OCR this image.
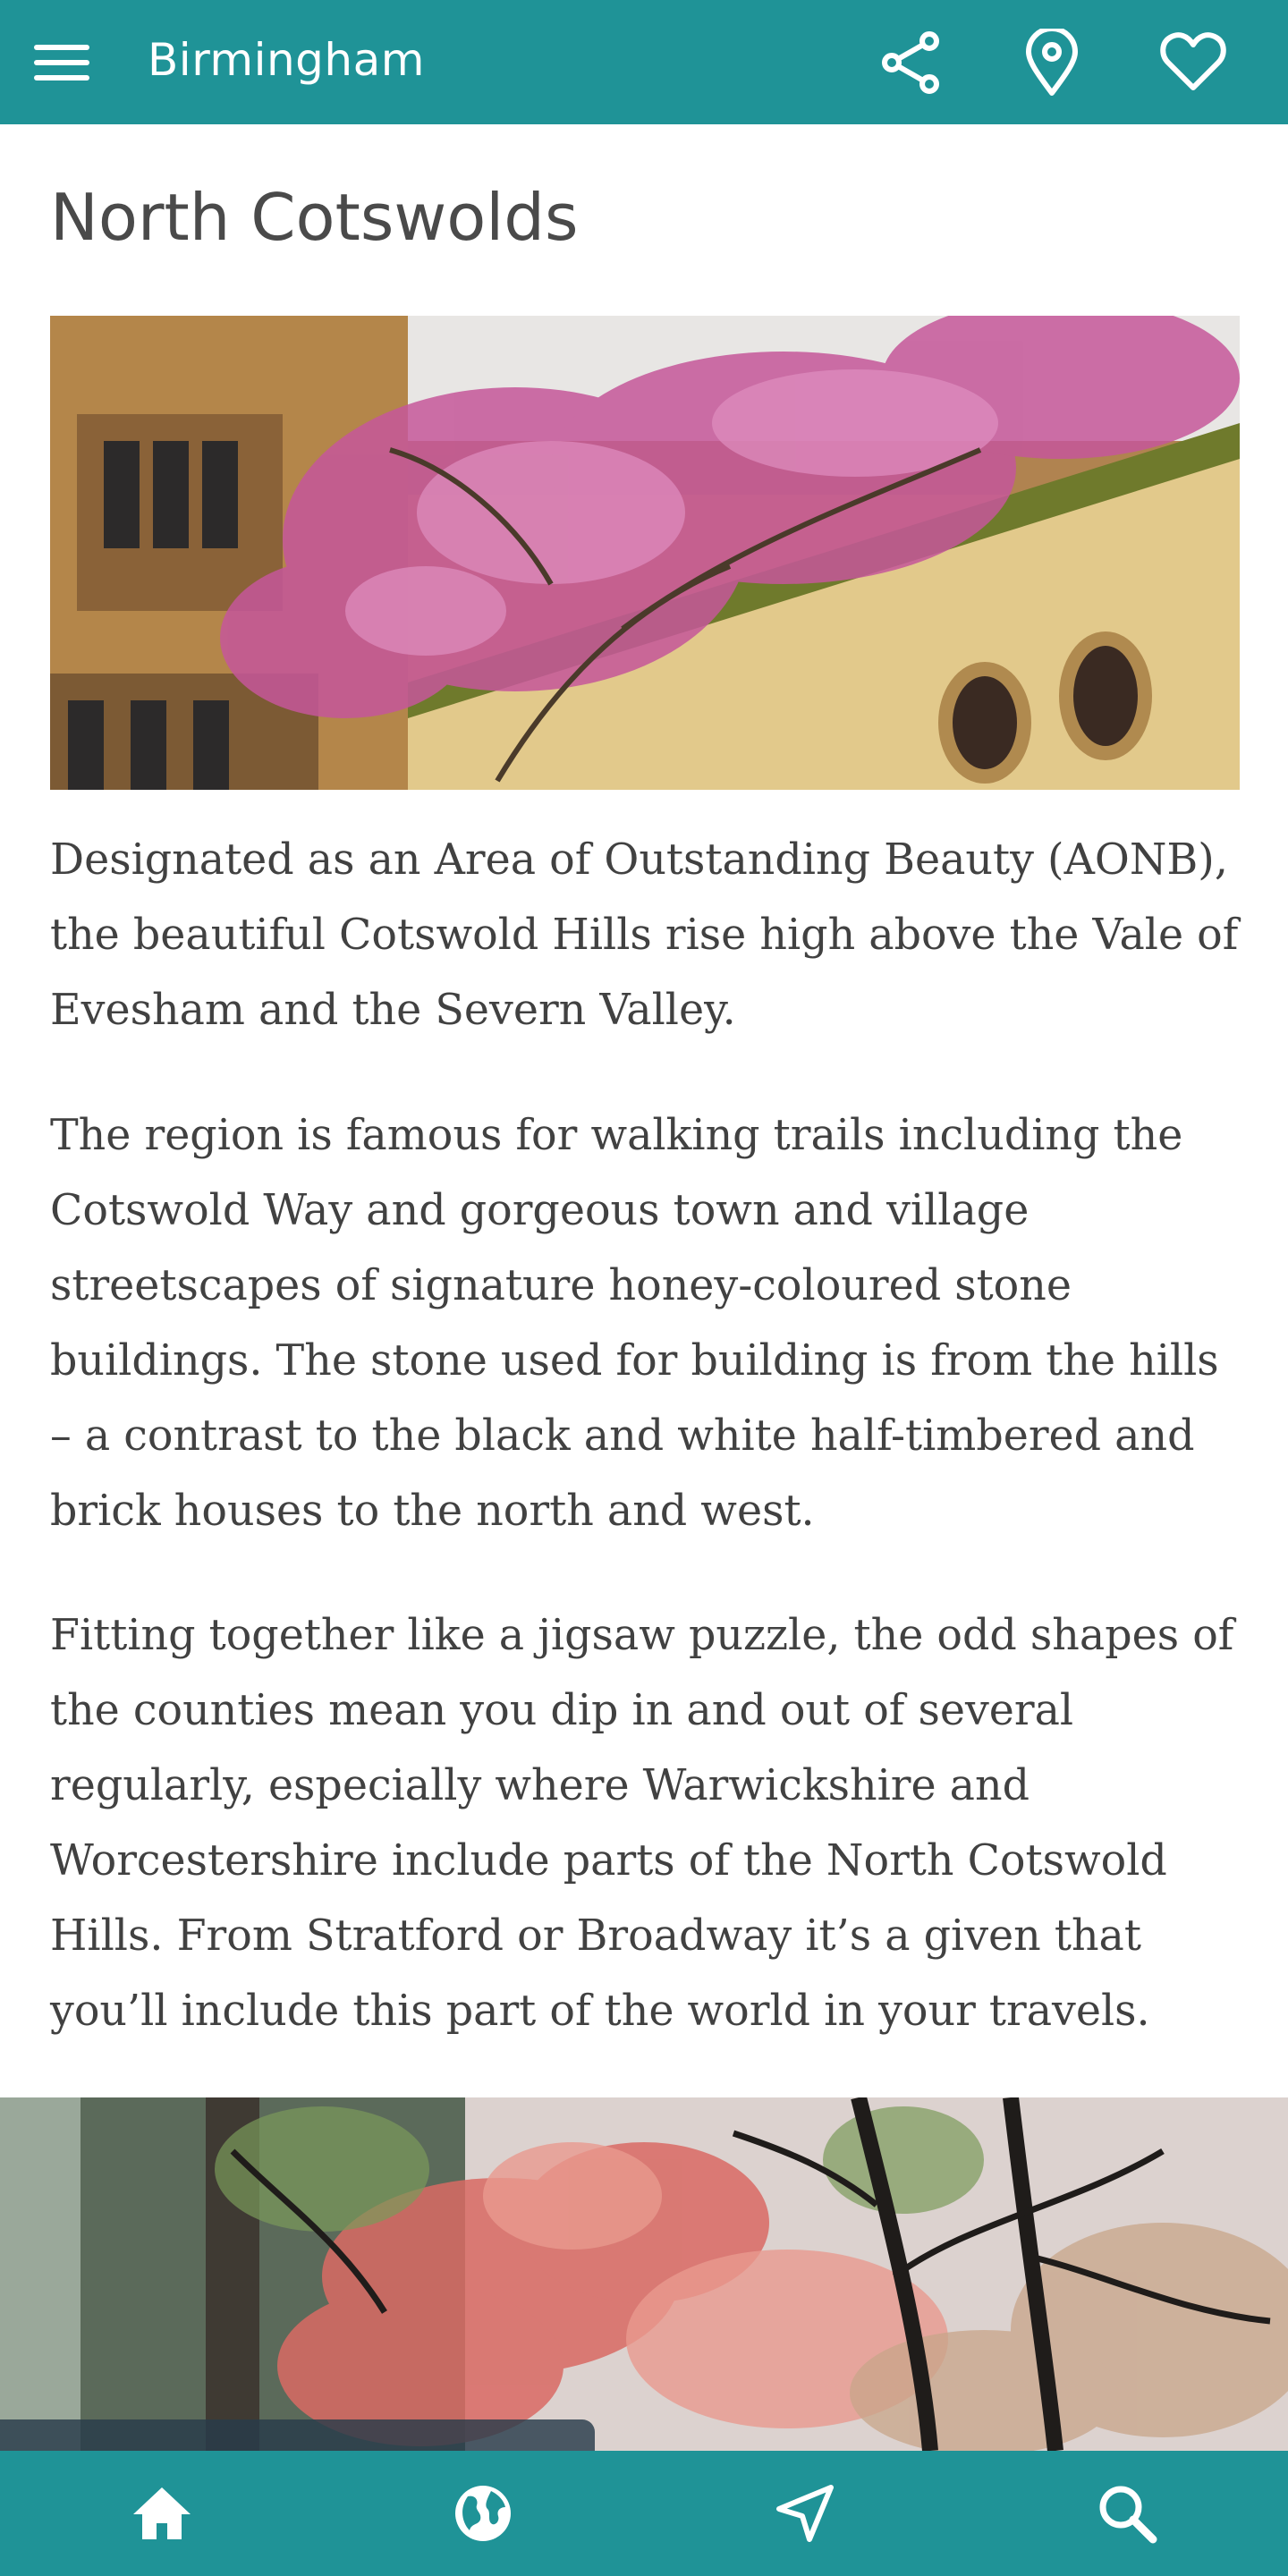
Birmingham
North Cotswolds

Designated as an Area of Outstanding Beauty (AONB), the beautiful Cotswold Hills rise high above the Vale of Evesham and the Severn Valley.

The region is famous for walking trails including the Cotswold Way and gorgeous town and village streetscapes of signature honey-coloured stone buildings. The stone used for building is from the hills – a contrast to the black and white half-timbered and brick houses to the north and west.

Fitting together like a jigsaw puzzle, the odd shapes of the counties mean you dip in and out of several regularly, especially where Warwickshire and Worcestershire include parts of the North Cotswold Hills. From Stratford or Broadway it’s a given that you’ll include this part of the world in your travels.
